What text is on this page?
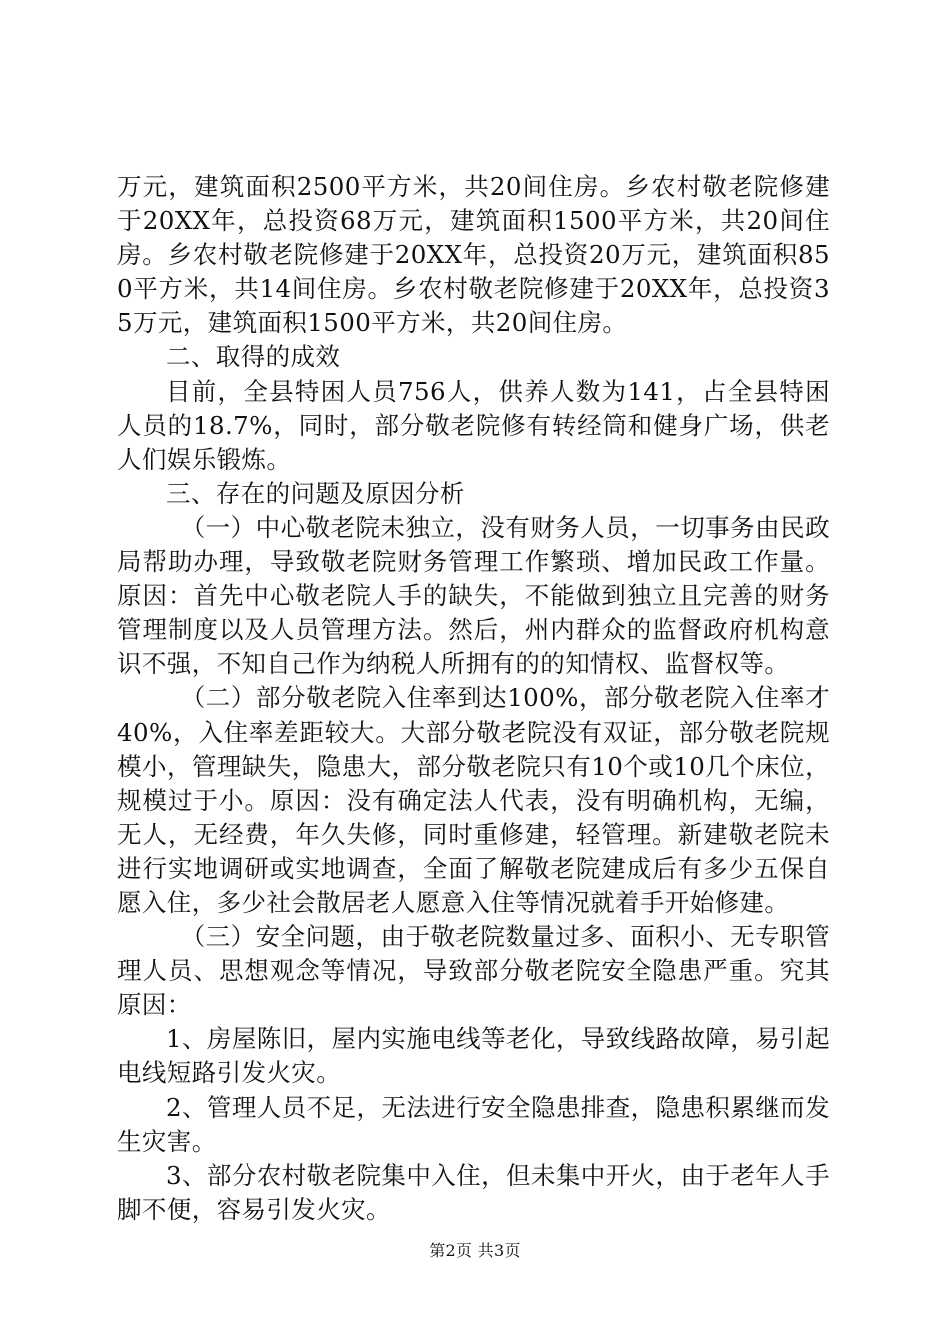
万元，建筑面积2500平方米，共20间住房。乡农村敬老院修建于20XX年，总投资68万元，建筑面积1500平方米，共20间住房。乡农村敬老院修建于20XX年，总投资20万元，建筑面积850平方米，共14间住房。乡农村敬老院修建于20XX年，总投资35万元，建筑面积1500平方米，共20间住房。

二、取得的成效

目前，全县特困人员756人，供养人数为141，占全县特困人员的18.7%，同时，部分敬老院修有转经筒和健身广场，供老人们娱乐锻炼。

三、存在的问题及原因分析

（一）中心敬老院未独立，没有财务人员，一切事务由民政局帮助办理，导致敬老院财务管理工作繁琐、增加民政工作量。原因：首先中心敬老院人手的缺失，不能做到独立且完善的财务管理制度以及人员管理方法。然后，州内群众的监督政府机构意识不强，不知自己作为纳税人所拥有的的知情权、监督权等。

（二）部分敬老院入住率到达100%，部分敬老院入住率才40%，入住率差距较大。大部分敬老院没有双证，部分敬老院规模小，管理缺失，隐患大，部分敬老院只有10个或10几个床位，规模过于小。原因：没有确定法人代表，没有明确机构，无编，无人，无经费，年久失修，同时重修建，轻管理。新建敬老院未进行实地调研或实地调查，全面了解敬老院建成后有多少五保自愿入住，多少社会散居老人愿意入住等情况就着手开始修建。

（三）安全问题，由于敬老院数量过多、面积小、无专职管理人员、思想观念等情况，导致部分敬老院安全隐患严重。究其原因：

1、房屋陈旧，屋内实施电线等老化，导致线路故障，易引起电线短路引发火灾。

2、管理人员不足，无法进行安全隐患排查，隐患积累继而发生灾害。

3、部分农村敬老院集中入住，但未集中开火，由于老年人手脚不便，容易引发火灾。

第2页 共3页
